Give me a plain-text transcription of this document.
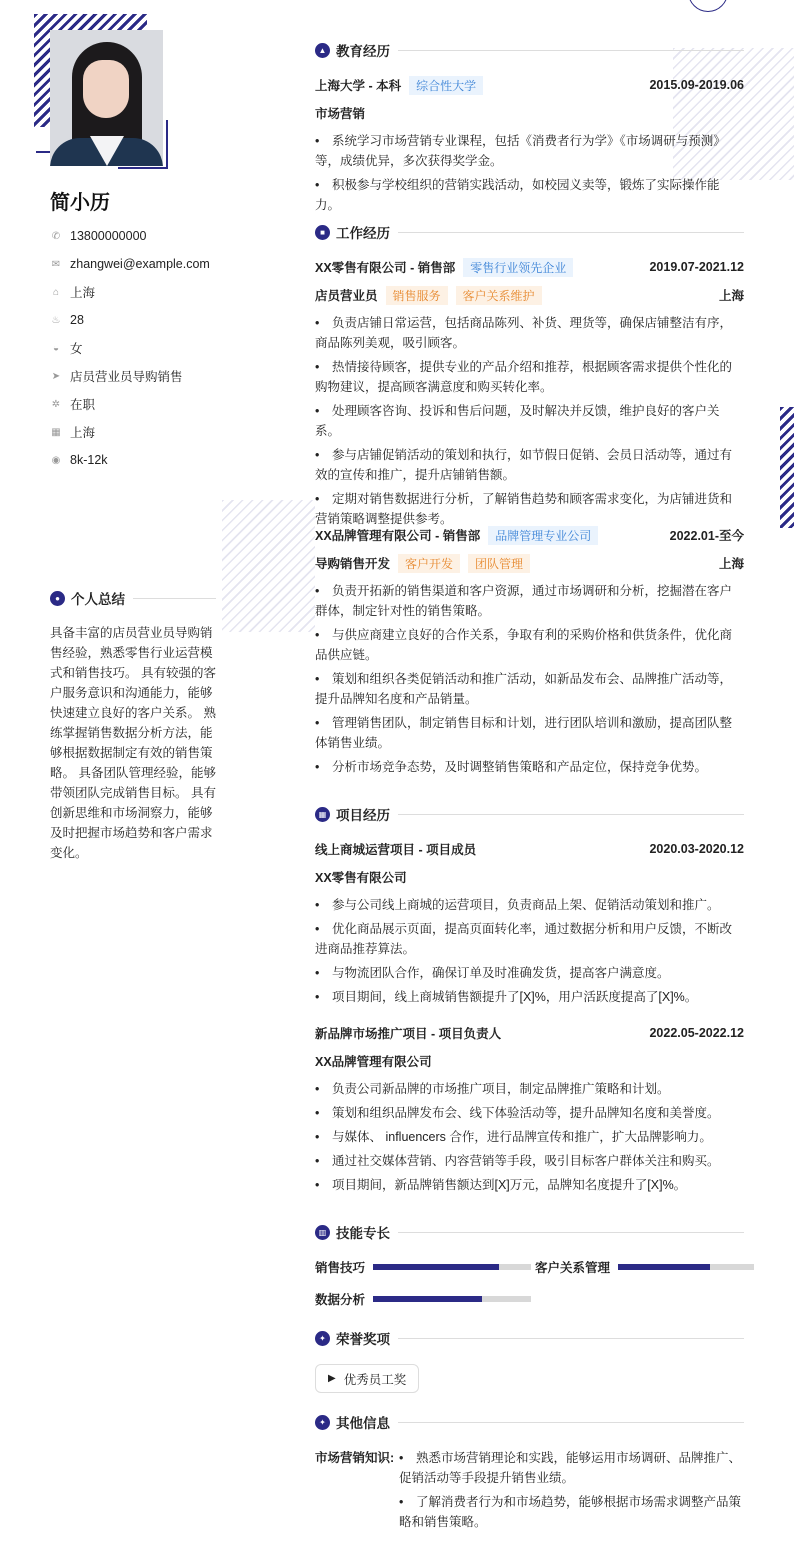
简小历
✆ 13800000000
✉ zhangwei@example.com
⌂ 上海
♨ 28
◒ 女
➤ 店员营业员导购销售
✲ 在职
▦ 上海
◉ 8k-12k
● 个人总结
具备丰富的店员营业员导购销售经验，熟悉零售行业运营模式和销售技巧。 具有较强的客户服务意识和沟通能力，能够快速建立良好的客户关系。 熟练掌握销售数据分析方法，能够根据数据制定有效的销售策略。 具备团队管理经验，能够带领团队完成销售目标。 具有创新思维和市场洞察力，能够及时把握市场趋势和客户需求变化。
▲ 教育经历
上海大学 - 本科	综合性大学	2015.09-2019.06
市场营销
• 系统学习市场营销专业课程，包括《消费者行为学》《市场调研与预测》等，成绩优异，多次获得奖学金。
• 积极参与学校组织的营销实践活动，如校园义卖等，锻炼了实际操作能力。
■ 工作经历
XX零售有限公司 - 销售部	零售行业领先企业	2019.07-2021.12
店员营业员	销售服务	客户关系维护	上海
• 负责店铺日常运营，包括商品陈列、补货、理货等，确保店铺整洁有序，商品陈列美观，吸引顾客。
• 热情接待顾客，提供专业的产品介绍和推荐，根据顾客需求提供个性化的购物建议，提高顾客满意度和购买转化率。
• 处理顾客咨询、投诉和售后问题，及时解决并反馈，维护良好的客户关系。
• 参与店铺促销活动的策划和执行，如节假日促销、会员日活动等，通过有效的宣传和推广，提升店铺销售额。
• 定期对销售数据进行分析，了解销售趋势和顾客需求变化，为店铺进货和营销策略调整提供参考。
XX品牌管理有限公司 - 销售部	品牌管理专业公司	2022.01-至今
导购销售开发	客户开发	团队管理	上海
• 负责开拓新的销售渠道和客户资源，通过市场调研和分析，挖掘潜在客户群体，制定针对性的销售策略。
• 与供应商建立良好的合作关系，争取有利的采购价格和供货条件，优化商品供应链。
• 策划和组织各类促销活动和推广活动，如新品发布会、品牌推广活动等，提升品牌知名度和产品销量。
• 管理销售团队，制定销售目标和计划，进行团队培训和激励，提高团队整体销售业绩。
• 分析市场竞争态势，及时调整销售策略和产品定位，保持竞争优势。
▦ 项目经历
线上商城运营项目 - 项目成员	2020.03-2020.12
XX零售有限公司
• 参与公司线上商城的运营项目，负责商品上架、促销活动策划和推广。
• 优化商品展示页面，提高页面转化率，通过数据分析和用户反馈，不断改进商品推荐算法。
• 与物流团队合作，确保订单及时准确发货，提高客户满意度。
• 项目期间，线上商城销售额提升了[X]%，用户活跃度提高了[X]%。
新品牌市场推广项目 - 项目负责人	2022.05-2022.12
XX品牌管理有限公司
• 负责公司新品牌的市场推广项目，制定品牌推广策略和计划。
• 策划和组织品牌发布会、线下体验活动等，提升品牌知名度和美誉度。
• 与媒体、 influencers 合作，进行品牌宣传和推广，扩大品牌影响力。
• 通过社交媒体营销、内容营销等手段，吸引目标客户群体关注和购买。
• 项目期间，新品牌销售额达到[X]万元，品牌知名度提升了[X]%。
▥ 技能专长
销售技巧	客户关系管理
数据分析
✦ 荣誉奖项
▶ 优秀员工奖
✦ 其他信息
市场营销知识:	• 熟悉市场营销理论和实践，能够运用市场调研、品牌推广、促销活动等手段提升销售业绩。
• 了解消费者行为和市场趋势，能够根据市场需求调整产品策略和销售策略。
